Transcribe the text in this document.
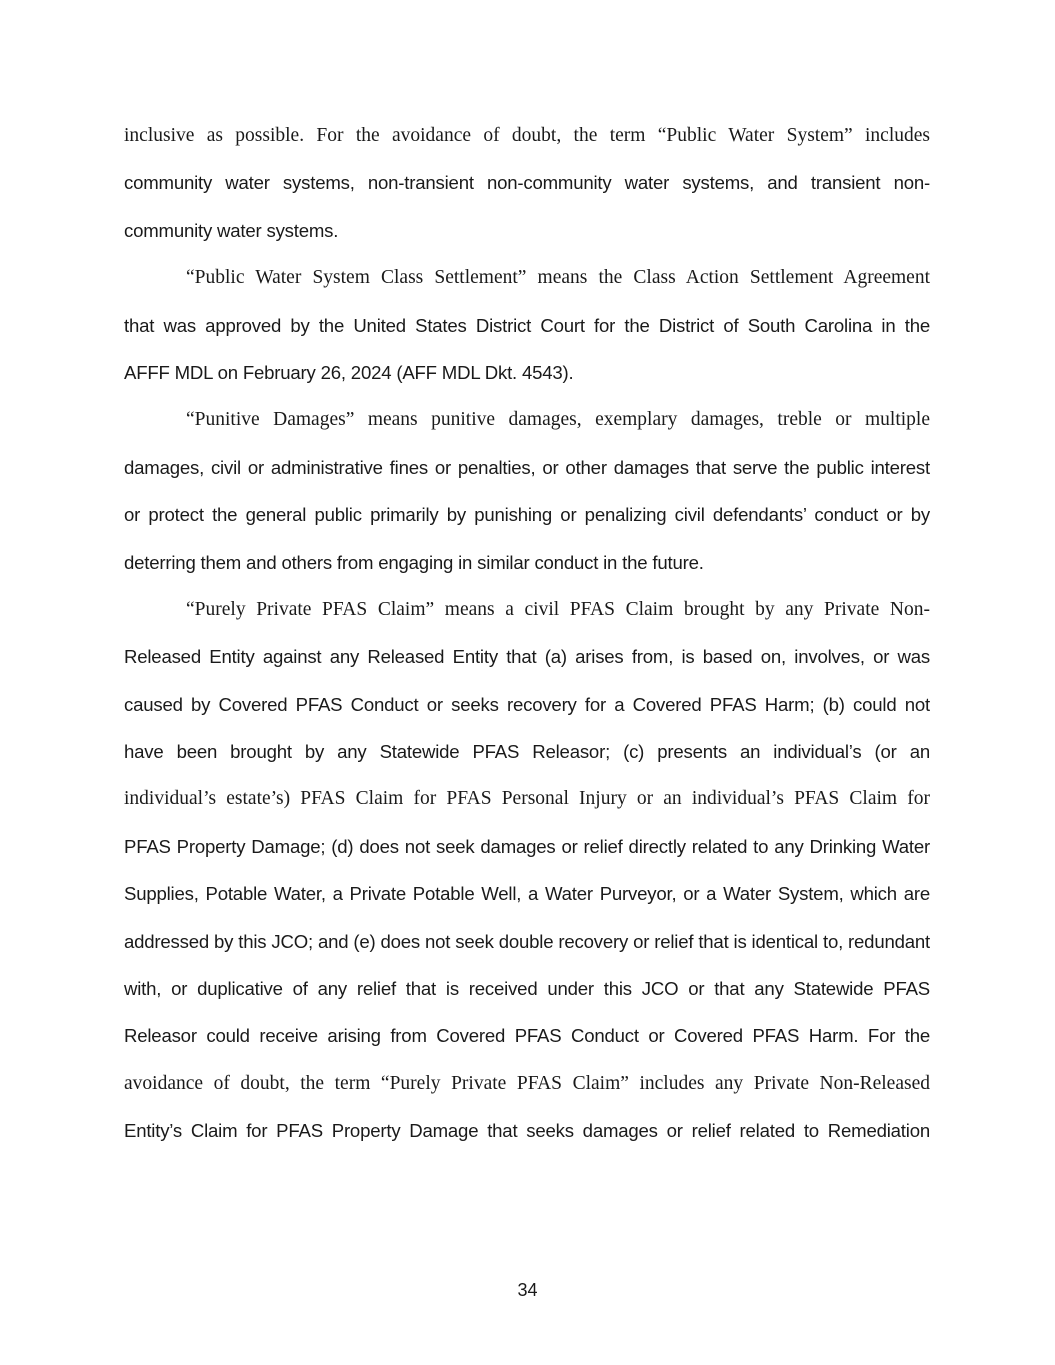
inclusive as possible. For the avoidance of doubt, the term “Public Water System” includes
community water systems, non-transient non-community water systems, and transient non-
community water systems.
“Public Water System Class Settlement” means the Class Action Settlement Agreement
that was approved by the United States District Court for the District of South Carolina in the
AFFF MDL on February 26, 2024 (AFF MDL Dkt. 4543).
“Punitive Damages” means punitive damages, exemplary damages, treble or multiple
damages, civil or administrative fines or penalties, or other damages that serve the public interest
or protect the general public primarily by punishing or penalizing civil defendants’ conduct or by
deterring them and others from engaging in similar conduct in the future.
“Purely Private PFAS Claim” means a civil PFAS Claim brought by any Private Non-
Released Entity against any Released Entity that (a) arises from, is based on, involves, or was
caused by Covered PFAS Conduct or seeks recovery for a Covered PFAS Harm; (b) could not
have been brought by any Statewide PFAS Releasor; (c) presents an individual’s (or an
individual’s estate’s) PFAS Claim for PFAS Personal Injury or an individual’s PFAS Claim for
PFAS Property Damage; (d) does not seek damages or relief directly related to any Drinking Water
Supplies, Potable Water, a Private Potable Well, a Water Purveyor, or a Water System, which are
addressed by this JCO; and (e) does not seek double recovery or relief that is identical to, redundant
with, or duplicative of any relief that is received under this JCO or that any Statewide PFAS
Releasor could receive arising from Covered PFAS Conduct or Covered PFAS Harm. For the
avoidance of doubt, the term “Purely Private PFAS Claim” includes any Private Non-Released
Entity’s Claim for PFAS Property Damage that seeks damages or relief related to Remediation
34
